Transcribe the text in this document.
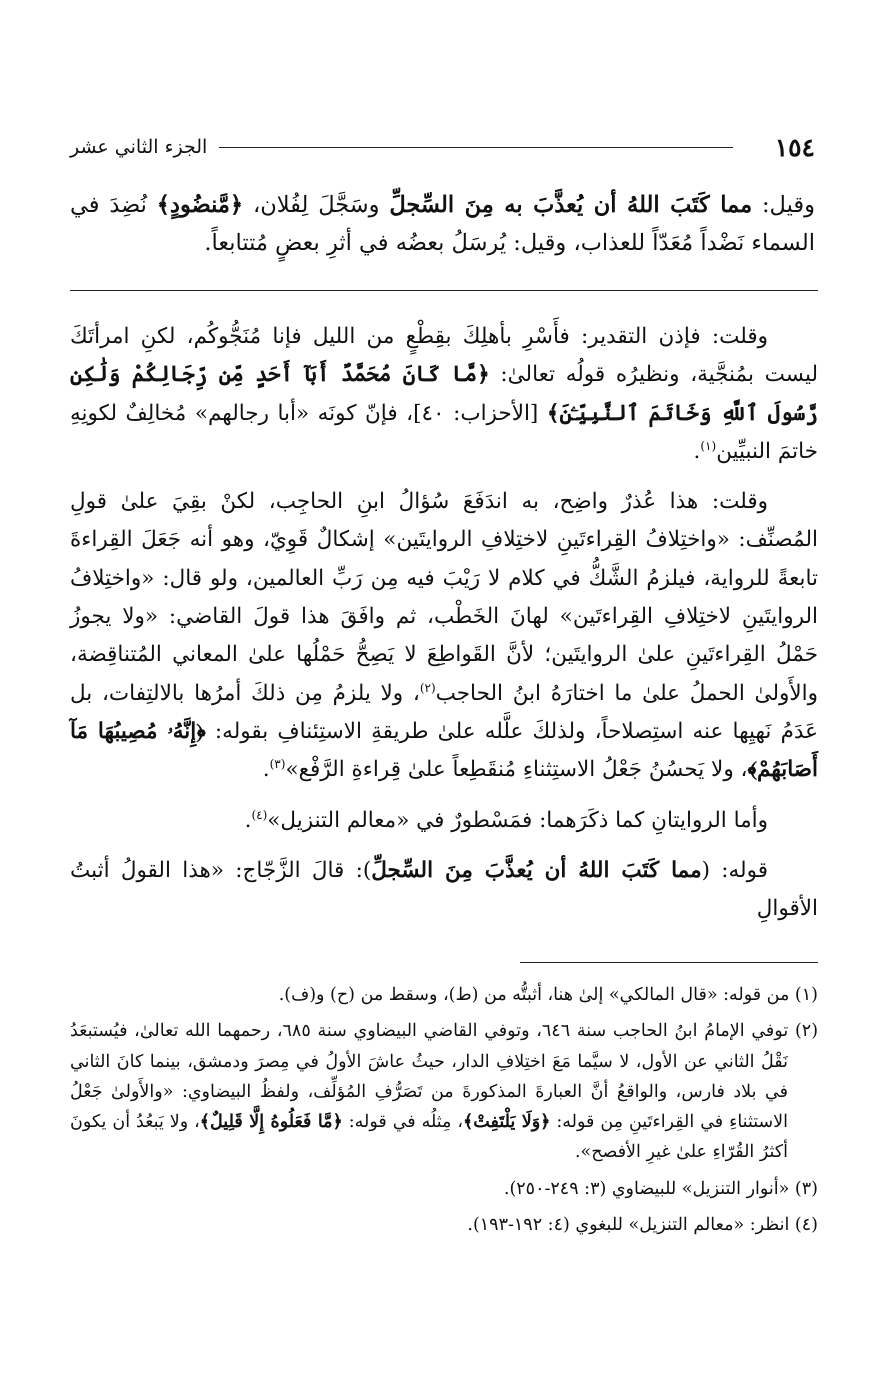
١٥٤
الجزء الثاني عشر

وقيل: مما كَتَبَ اللهُ أن يُعذَّبَ به مِنَ السِّجلِّ وسَجَّلَ لِفُلان، ﴿مَّنضُودٍ﴾ نُضِدَ في السماء نَضْداً مُعَدّاً للعذاب، وقيل: يُرسَلُ بعضُه في أثرِ بعضٍ مُتتابعاً.

وقلت: فإذن التقدير: فأَسْرِ بأهلِكَ بقِطْعٍ من الليل فإنا مُنَجُّوكُم، لكنِ امرأتَكَ ليست بمُنجَّية، ونظيرُه قولُه تعالىٰ: ﴿مَّا كَانَ مُحَمَّدٌ أَبَآ أَحَدٍ مِّن رِّجَالِكُمْ وَلَٰكِن رَّسُولَ ٱللَّهِ وَخَاتَمَ ٱلنَّبِيِّـۧنَ﴾ [الأحزاب: ٤٠]، فإنّ كونَه «أبا رجالهم» مُخالِفٌ لكونِهِ خاتمَ النبيِّين$^{(١)}$.

وقلت: هذا عُذرٌ واضِح، به اندَفَعَ سُؤالُ ابنِ الحاجِب، لكنْ بقِيَ علىٰ قولِ المُصنِّف: «واختِلافُ القِراءتَينِ لاختِلافِ الروايتَين» إشكالٌ قَوِيّ، وهو أنه جَعَلَ القِراءةَ تابعةً للرواية، فيلزمُ الشَّكُّ في كلام لا رَيْبَ فيه مِن رَبِّ العالمين، ولو قال: «واختِلافُ الروايتَينِ لاختِلافِ القِراءتَين» لهانَ الخَطْب، ثم وافَقَ هذا قولَ القاضي: «ولا يجوزُ حَمْلُ القِراءتَينِ علىٰ الروايتَين؛ لأنَّ القَواطِعَ لا يَصِحُّ حَمْلُها علىٰ المعاني المُتناقِضة، والأَولىٰ الحملُ علىٰ ما اختارَهُ ابنُ الحاجب$^{(٢)}$، ولا يلزمُ مِن ذلكَ أمرُها بالالتِفات، بل عَدَمُ نَهيِها عنه استِصلاحاً، ولذلكَ علَّله علىٰ طريقةِ الاستِئنافِ بقوله: ﴿إِنَّهُۥ مُصِيبُهَا مَآ أَصَابَهُمْ﴾، ولا يَحسُنُ جَعْلُ الاستِثناءِ مُنقَطِعاً علىٰ قِراءةِ الرَّفْع»$^{(٣)}$.

وأما الروايتانِ كما ذكَرَهما: فمَسْطورٌ في «معالم التنزيل»$^{(٤)}$.

قوله: (مما كَتَبَ اللهُ أن يُعذَّبَ مِنَ السِّجلِّ): قالَ الزَّجّاج: «هذا القولُ أثبتُ الأقوالِ

(١) من قوله: «قال المالكي» إلىٰ هنا، أثبتُّه من (ط)، وسقط من (ح) و(ف).

(٢) توفي الإمامُ ابنُ الحاجب سنة ٦٤٦، وتوفي القاضي البيضاوي سنة ٦٨٥، رحمهما الله تعالىٰ، فيُستبعَدُ نَقْلُ الثاني عن الأول، لا سيَّما مَعَ اختِلافِ الدار، حيثُ عاشَ الأولُ في مِصرَ ودمشق، بينما كانَ الثاني في بلاد فارس، والواقعُ أنَّ العبارةَ المذكورةَ من تَصَرُّفِ المُؤلِّف، ولفظُ البيضاوي: «والأَولىٰ جَعْلُ الاستثناءِ في القِراءتَينِ مِن قوله: ﴿وَلَا يَلْتَفِتْ﴾، مِثلُه في قوله: ﴿مَّا فَعَلُوهُ إِلَّا قَلِيلٌ﴾، ولا يَبعُدُ أن يكونَ أكثرُ القُرّاءِ علىٰ غيرِ الأفصح».

(٣) «أنوار التنزيل» للبيضاوي (٣: ٢٤٩-٢٥٠).

(٤) انظر: «معالم التنزيل» للبغوي (٤: ١٩٢-١٩٣).
